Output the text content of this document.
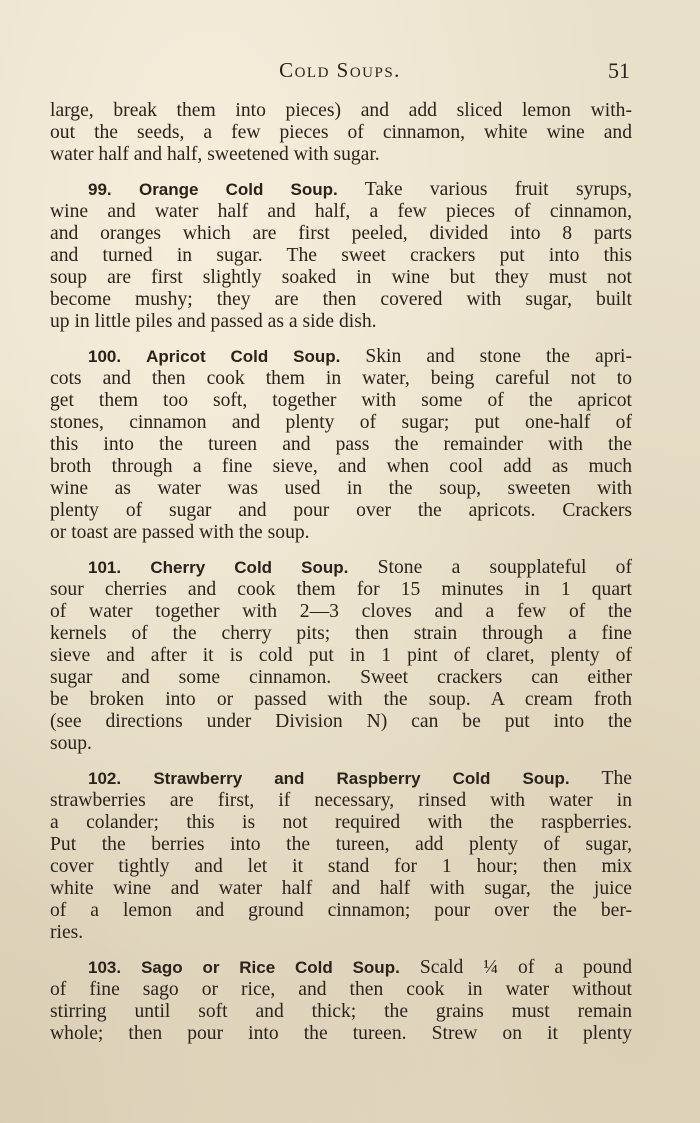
Cold Soups.	51
large, break them into pieces) and add sliced lemon with-
out the seeds, a few pieces of cinnamon, white wine and
water half and half, sweetened with sugar.
99. Orange Cold Soup. Take various fruit syrups,
wine and water half and half, a few pieces of cinnamon,
and oranges which are first peeled, divided into 8 parts
and turned in sugar. The sweet crackers put into this
soup are first slightly soaked in wine but they must not
become mushy; they are then covered with sugar, built
up in little piles and passed as a side dish.
100. Apricot Cold Soup. Skin and stone the apri-
cots and then cook them in water, being careful not to
get them too soft, together with some of the apricot
stones, cinnamon and plenty of sugar; put one-half of
this into the tureen and pass the remainder with the
broth through a fine sieve, and when cool add as much
wine as water was used in the soup, sweeten with
plenty of sugar and pour over the apricots. Crackers
or toast are passed with the soup.
101. Cherry Cold Soup. Stone a soupplateful of
sour cherries and cook them for 15 minutes in 1 quart
of water together with 2—3 cloves and a few of the
kernels of the cherry pits; then strain through a fine
sieve and after it is cold put in 1 pint of claret, plenty of
sugar and some cinnamon. Sweet crackers can either
be broken into or passed with the soup. A cream froth
(see directions under Division N) can be put into the
soup.
102. Strawberry and Raspberry Cold Soup. The
strawberries are first, if necessary, rinsed with water in
a colander; this is not required with the raspberries.
Put the berries into the tureen, add plenty of sugar,
cover tightly and let it stand for 1 hour; then mix
white wine and water half and half with sugar, the juice
of a lemon and ground cinnamon; pour over the ber-
ries.
103. Sago or Rice Cold Soup. Scald ¼ of a pound
of fine sago or rice, and then cook in water without
stirring until soft and thick; the grains must remain
whole; then pour into the tureen. Strew on it plenty
